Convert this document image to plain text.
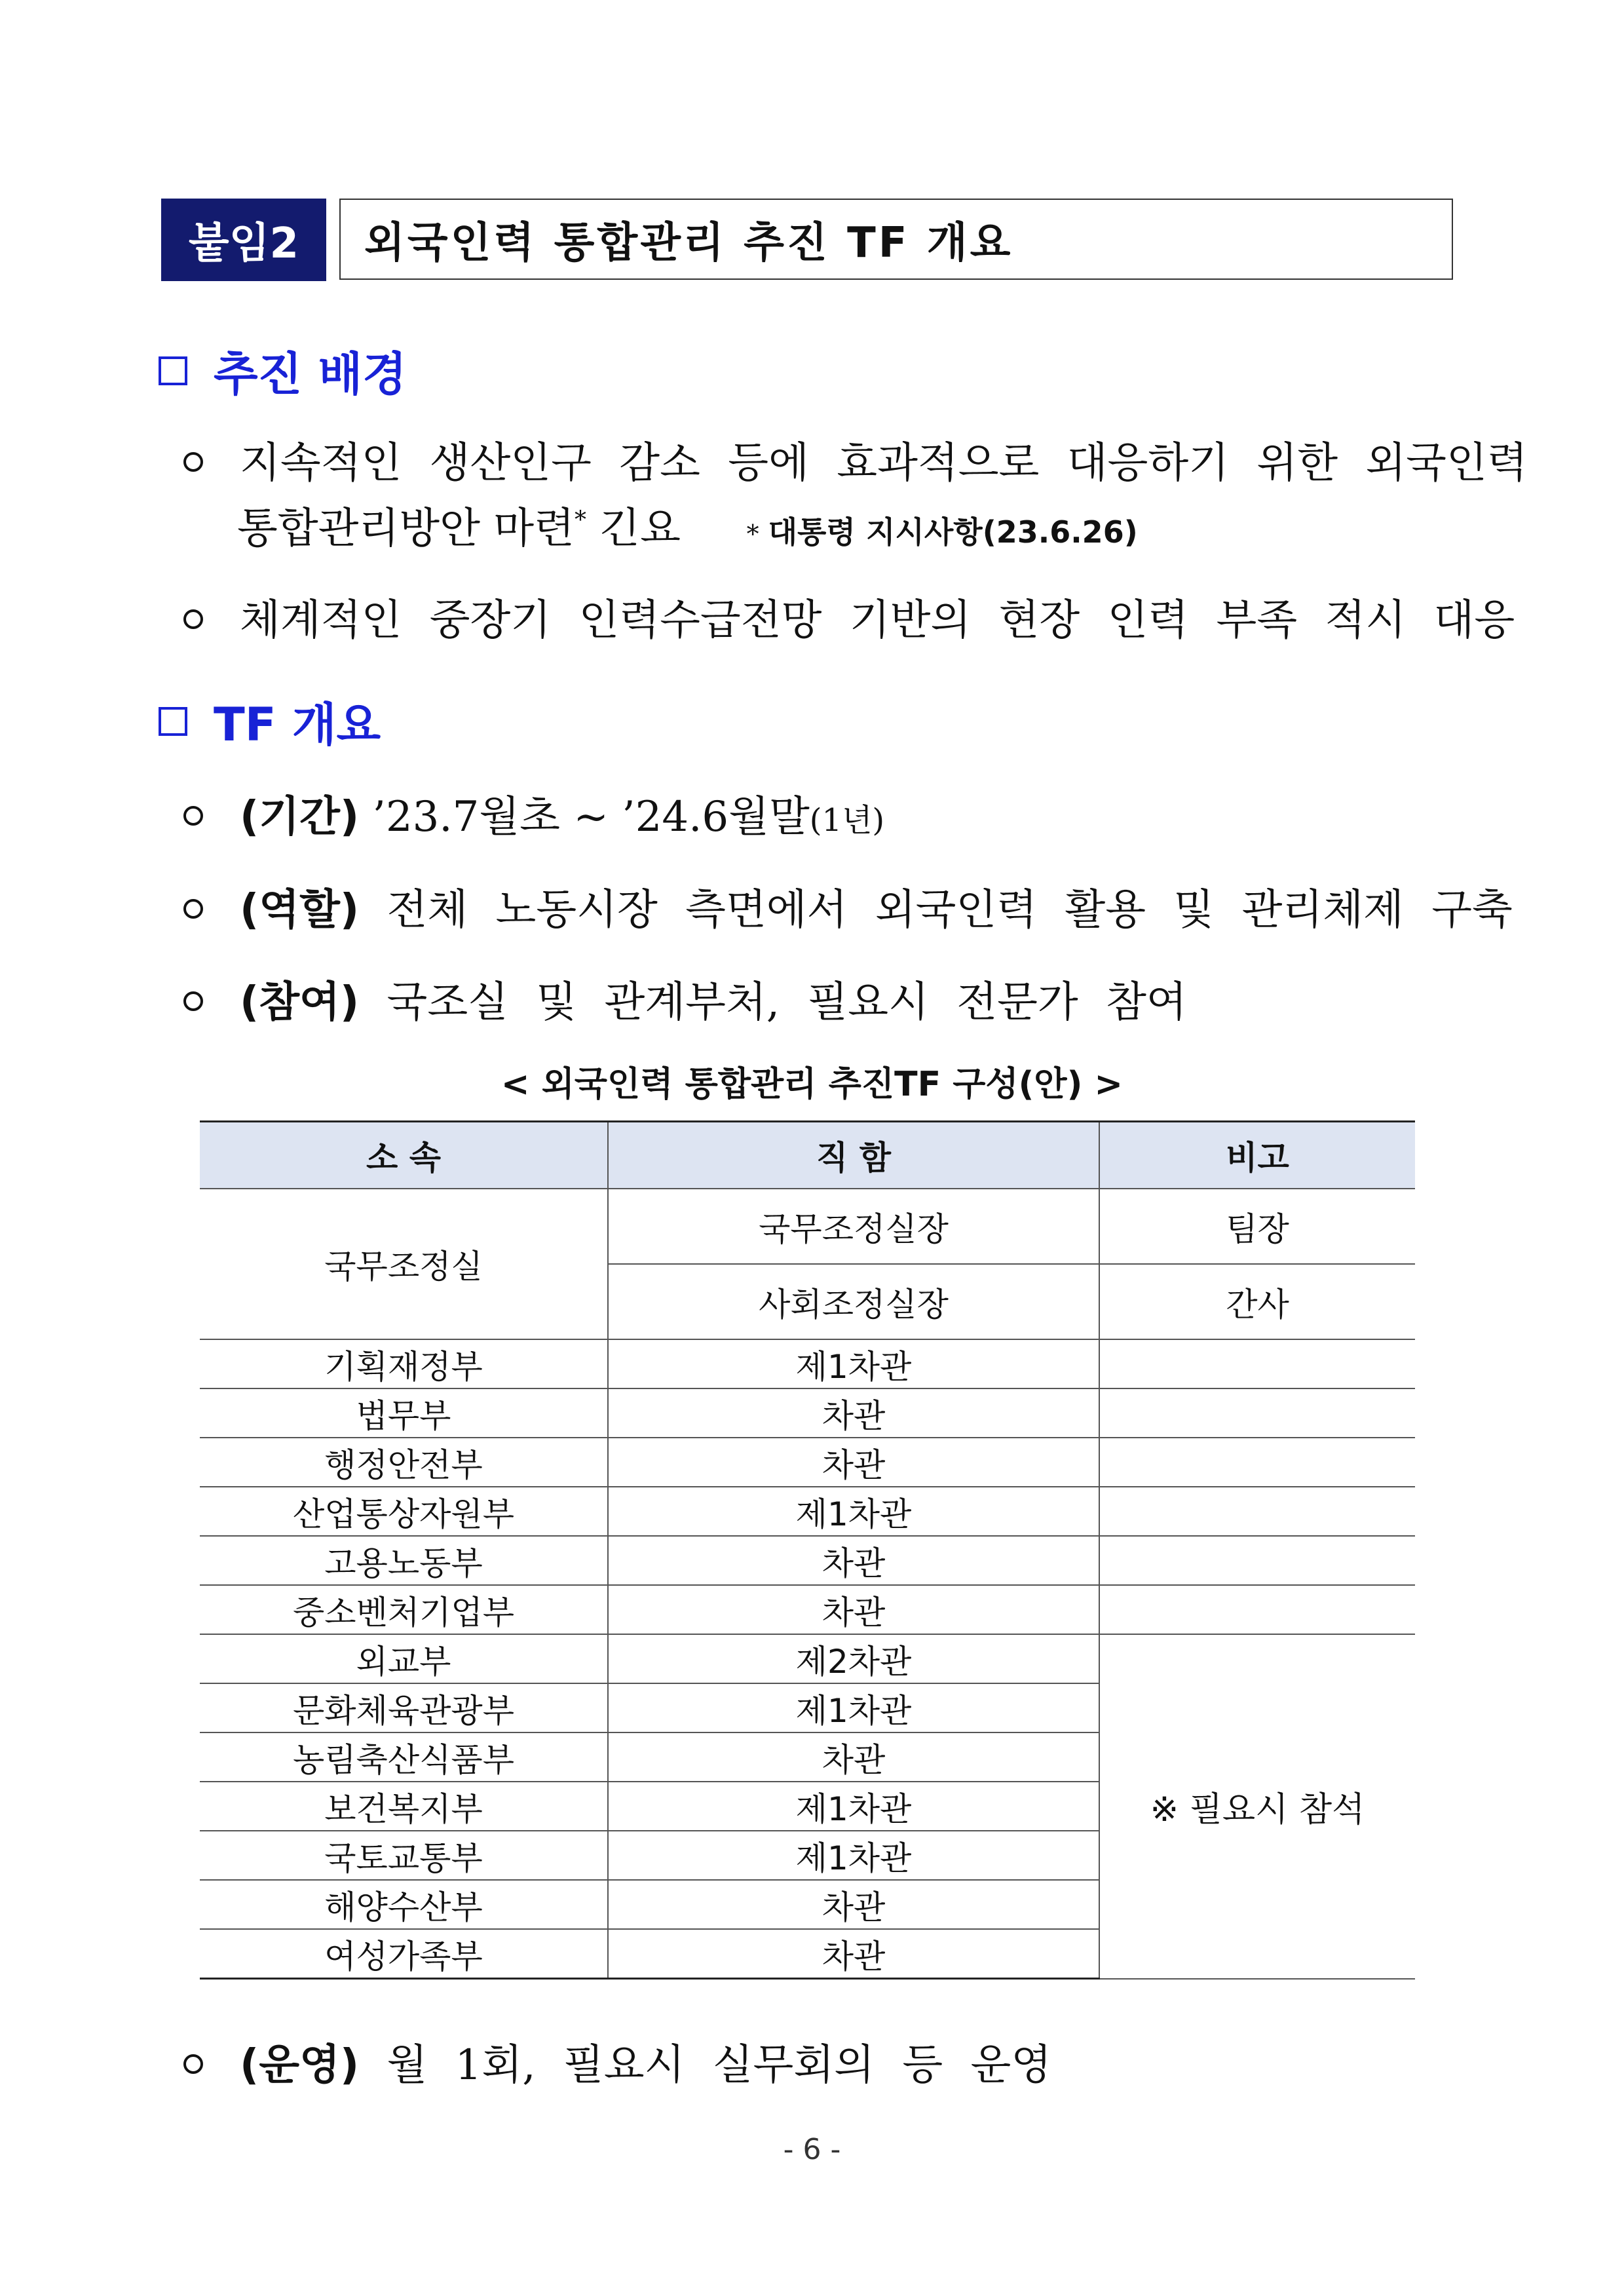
붙임2	외국인력 통합관리 추진 TF 개요
추진 배경
지속적인 생산인구 감소 등에 효과적으로 대응하기 위한 외국인력
통합관리방안 마련* 긴요	* 대통령 지시사항(23.6.26)
체계적인 중장기 인력수급전망 기반의 현장 인력 부족 적시 대응
TF 개요
(기간) ’23.7월초 ~ ’24.6월말(1년)
(역할) 전체 노동시장 측면에서 외국인력 활용 및 관리체제 구축
(참여) 국조실 및 관계부처, 필요시 전문가 참여
< 외국인력 통합관리 추진TF 구성(안) >
소 속	직 함	비고
국무조정실	국무조정실장	팀장
	사회조정실장	간사
기획재정부	제1차관	
법무부	차관	
행정안전부	차관	
산업통상자원부	제1차관	
고용노동부	차관	
중소벤처기업부	차관	
외교부	제2차관	※ 필요시 참석
문화체육관광부	제1차관	
농림축산식품부	차관	
보건복지부	제1차관	
국토교통부	제1차관	
해양수산부	차관	
여성가족부	차관	
(운영) 월 1회, 필요시 실무회의 등 운영
- 6 -
